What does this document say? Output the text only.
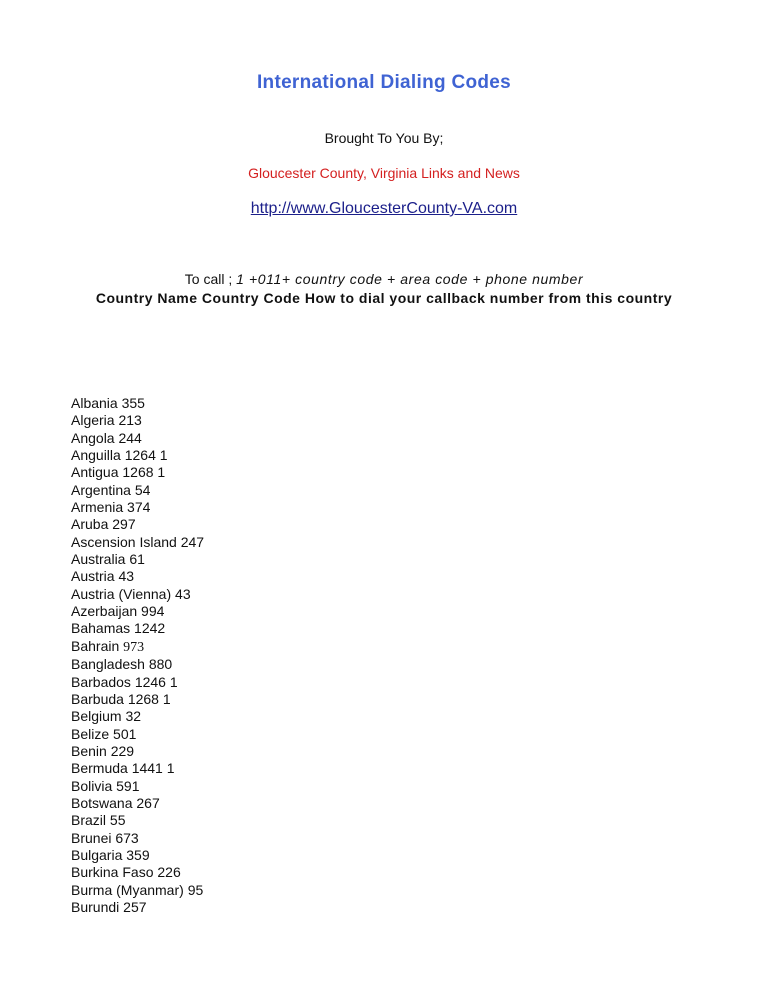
International Dialing Codes
Brought To You By;
Gloucester County, Virginia Links and News
http://www.GloucesterCounty-VA.com
To call ; 1 +011+ country code + area code + phone number
Country Name Country Code How to dial your callback number from this country
Albania 355
Algeria 213
Angola 244
Anguilla 1264 1
Antigua 1268 1
Argentina 54
Armenia 374
Aruba 297
Ascension Island 247
Australia 61
Austria 43
Austria (Vienna) 43
Azerbaijan 994
Bahamas 1242
Bahrain 973
Bangladesh 880
Barbados 1246 1
Barbuda 1268 1
Belgium 32
Belize 501
Benin 229
Bermuda 1441 1
Bolivia 591
Botswana 267
Brazil 55
Brunei 673
Bulgaria 359
Burkina Faso 226
Burma (Myanmar) 95
Burundi 257
